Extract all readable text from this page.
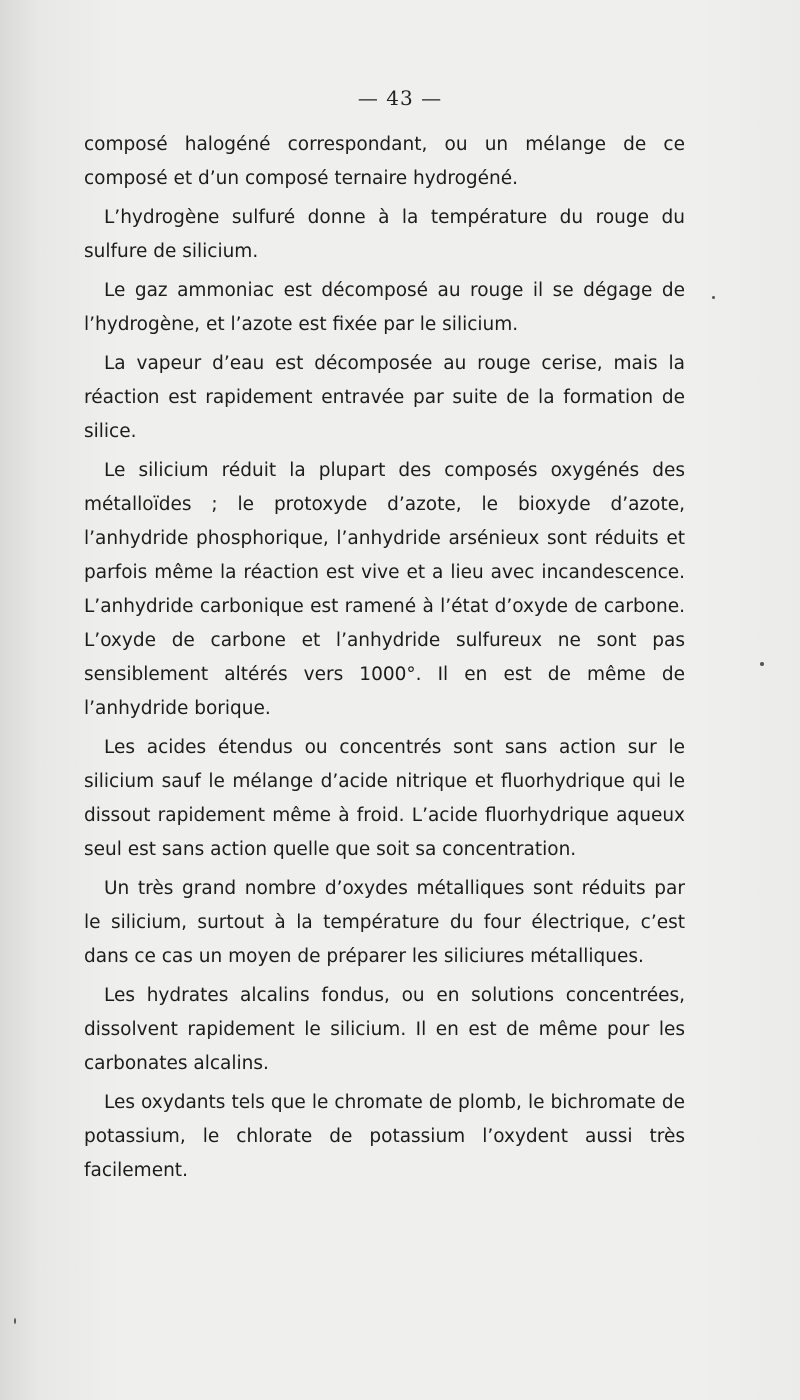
— 43 —

composé halogéné correspondant, ou un mélange de ce composé et d’un composé ternaire hydrogéné.

L’hydrogène sulfuré donne à la température du rouge du sulfure de silicium.

Le gaz ammoniac est décomposé au rouge il se dégage de l’hydrogène, et l’azote est fixée par le silicium.

La vapeur d’eau est décomposée au rouge cerise, mais la réaction est rapidement entravée par suite de la formation de silice.

Le silicium réduit la plupart des composés oxygénés des métalloïdes ; le protoxyde d’azote, le bioxyde d’azote, l’anhydride phosphorique, l’anhydride arsénieux sont réduits et parfois même la réaction est vive et a lieu avec incandescence. L’anhydride carbonique est ramené à l’état d’oxyde de carbone. L’oxyde de carbone et l’anhydride sulfureux ne sont pas sensiblement altérés vers 1000°. Il en est de même de l’anhydride borique.

Les acides étendus ou concentrés sont sans action sur le silicium sauf le mélange d’acide nitrique et fluorhydrique qui le dissout rapidement même à froid. L’acide fluorhydrique aqueux seul est sans action quelle que soit sa concentration.

Un très grand nombre d’oxydes métalliques sont réduits par le silicium, surtout à la température du four électrique, c’est dans ce cas un moyen de préparer les siliciures métalliques.

Les hydrates alcalins fondus, ou en solutions concentrées, dissolvent rapidement le silicium. Il en est de même pour les carbonates alcalins.

Les oxydants tels que le chromate de plomb, le bichromate de potassium, le chlorate de potassium l’oxydent aussi très facilement.
